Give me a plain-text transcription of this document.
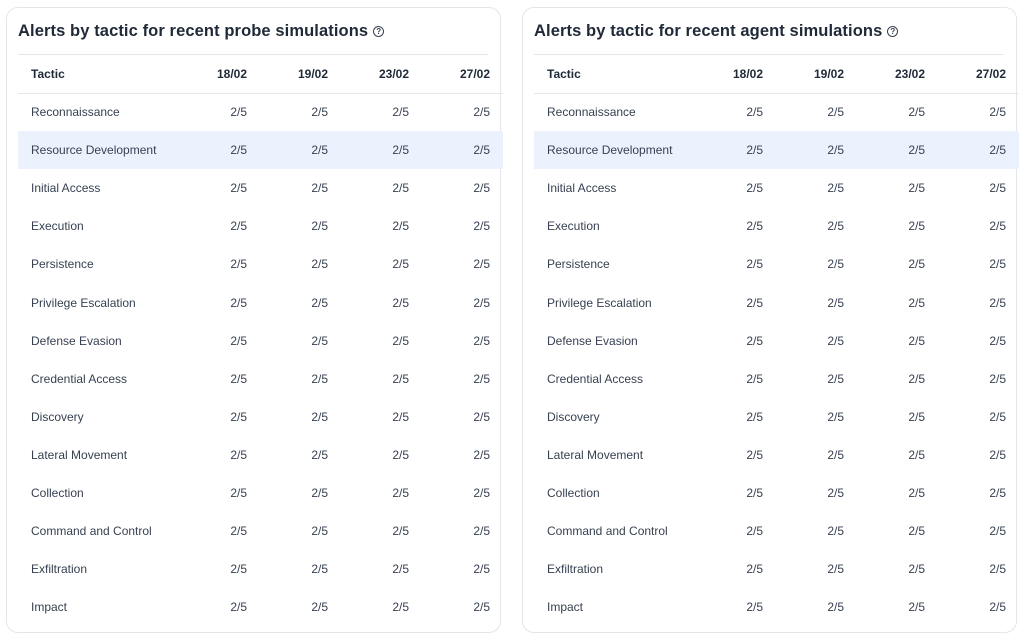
Alerts by tactic for recent probe simulations	?
Tactic	18/02	19/02	23/02	27/02
Reconnaissance	2/5	2/5	2/5	2/5
Resource Development	2/5	2/5	2/5	2/5
Initial Access	2/5	2/5	2/5	2/5
Execution	2/5	2/5	2/5	2/5
Persistence	2/5	2/5	2/5	2/5
Privilege Escalation	2/5	2/5	2/5	2/5
Defense Evasion	2/5	2/5	2/5	2/5
Credential Access	2/5	2/5	2/5	2/5
Discovery	2/5	2/5	2/5	2/5
Lateral Movement	2/5	2/5	2/5	2/5
Collection	2/5	2/5	2/5	2/5
Command and Control	2/5	2/5	2/5	2/5
Exfiltration	2/5	2/5	2/5	2/5
Impact	2/5	2/5	2/5	2/5
Alerts by tactic for recent agent simulations	?
Tactic	18/02	19/02	23/02	27/02
Reconnaissance	2/5	2/5	2/5	2/5
Resource Development	2/5	2/5	2/5	2/5
Initial Access	2/5	2/5	2/5	2/5
Execution	2/5	2/5	2/5	2/5
Persistence	2/5	2/5	2/5	2/5
Privilege Escalation	2/5	2/5	2/5	2/5
Defense Evasion	2/5	2/5	2/5	2/5
Credential Access	2/5	2/5	2/5	2/5
Discovery	2/5	2/5	2/5	2/5
Lateral Movement	2/5	2/5	2/5	2/5
Collection	2/5	2/5	2/5	2/5
Command and Control	2/5	2/5	2/5	2/5
Exfiltration	2/5	2/5	2/5	2/5
Impact	2/5	2/5	2/5	2/5
